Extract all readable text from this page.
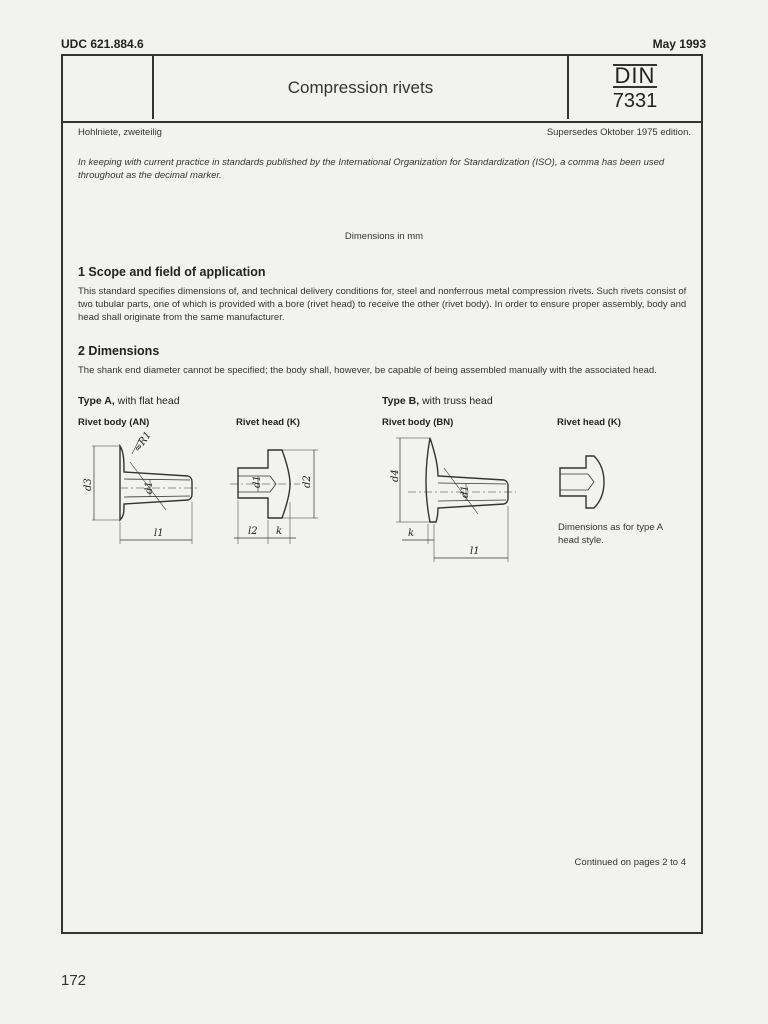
UDC 621.884.6	May 1993
Compression rivets	DIN
7331
Hohlniete, zweiteilig	Supersedes Oktober 1975 edition.
In keeping with current practice in standards published by the International Organization for Standardization (ISO), a comma has been used throughout as the decimal marker.
Dimensions in mm
1 Scope and field of application
This standard specifies dimensions of, and technical delivery conditions for, steel and nonferrous metal compression rivets. Such rivets consist of two tubular parts, one of which is provided with a bore (rivet head) to receive the other (rivet body). In order to ensure proper assembly, body and head shall originate from the same manufacturer.
2 Dimensions
The shank end diameter cannot be specified; the body shall, however, be capable of being assembled manually with the associated head.
Type A, with flat head	Type B, with truss head
Rivet body (AN)	Rivet head (K)	Rivet body (BN)	Rivet head (K)
d3	d1
l1
≈R1
d1	d2
l2 k
d4
d1
k
l1
Dimensions as for type A head style.
Continued on pages 2 to 4
172
